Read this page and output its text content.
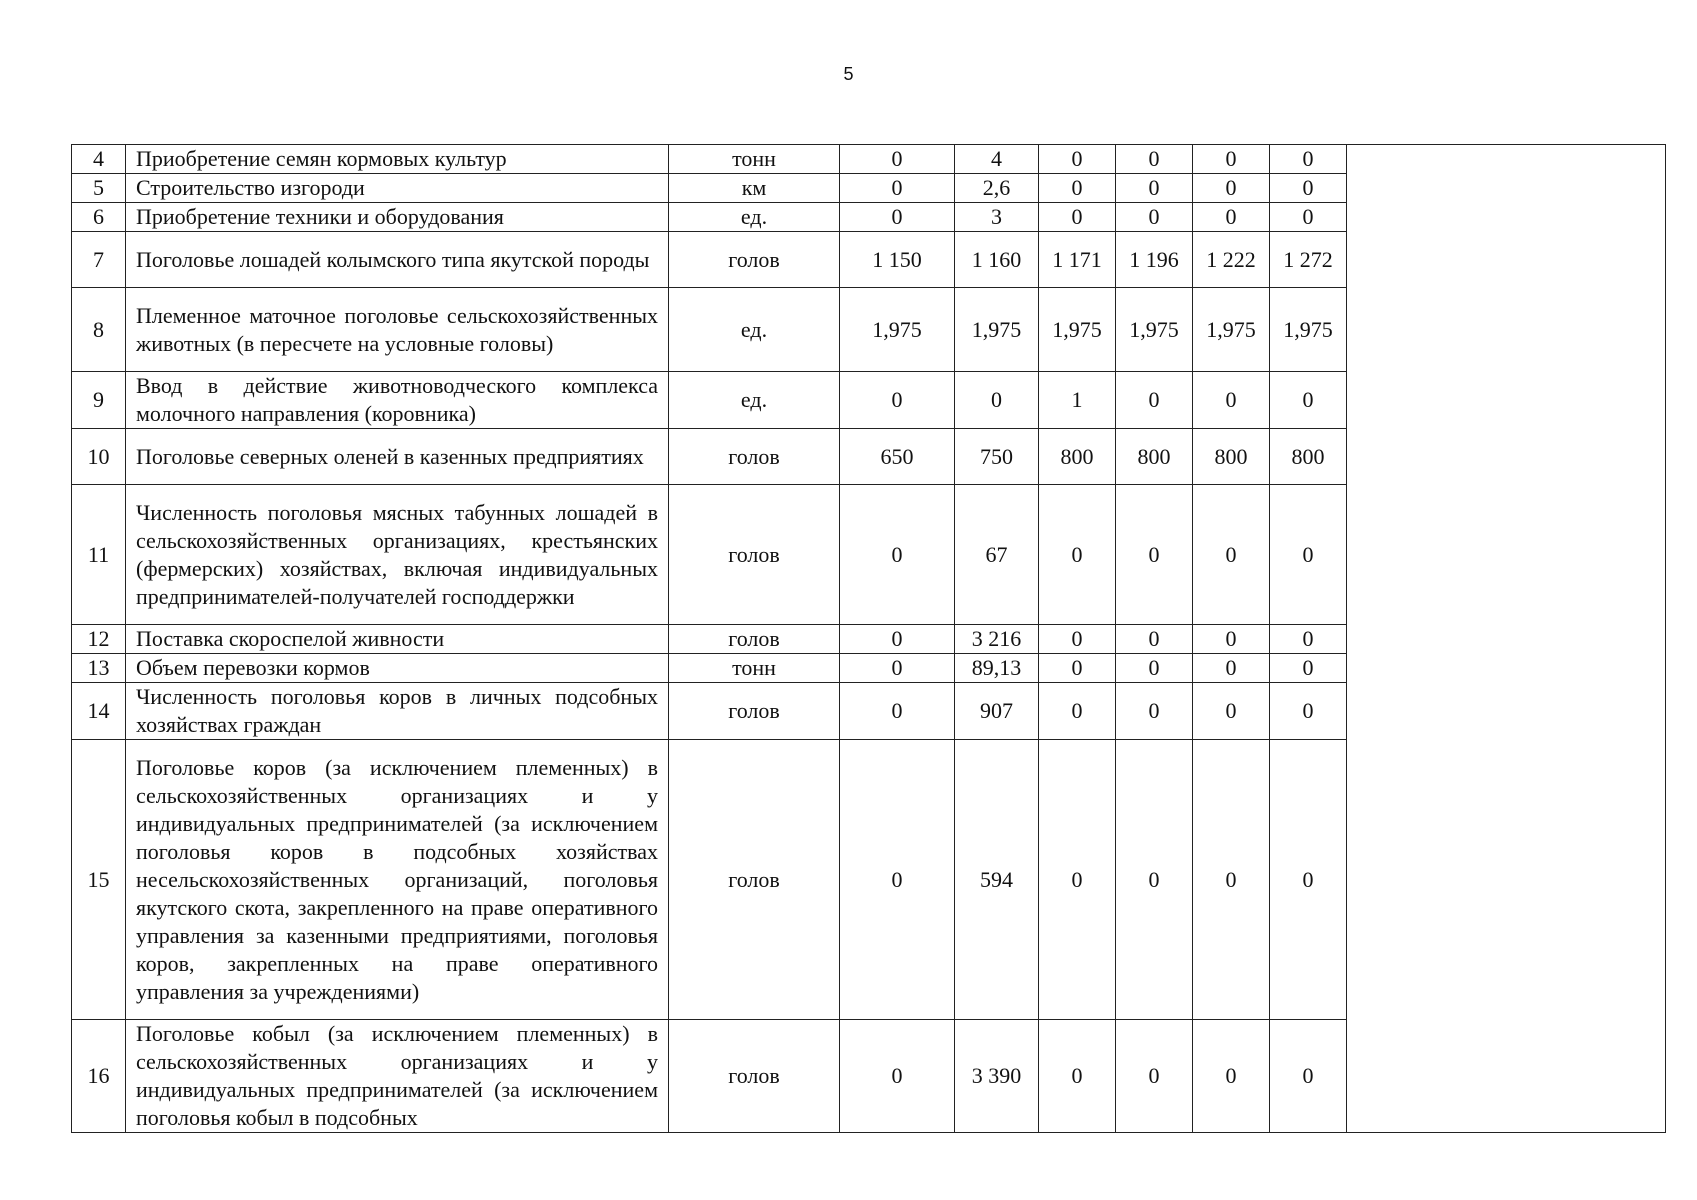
5
4	Приобретение семян кормовых культур	тонн	0	4	0	0	0	0	
5	Строительство изгороди	км	0	2,6	0	0	0	0	
6	Приобретение техники и оборудования	ед.	0	3	0	0	0	0	
7	Поголовье лошадей колымского типа якутской породы	голов	1 150	1 160	1 171	1 196	1 222	1 272	
8	Племенное маточное поголовье сельскохозяйственных животных (в пересчете на условные головы)	ед.	1,975	1,975	1,975	1,975	1,975	1,975	
9	Ввод в действие животноводческого комплекса молочного направления (коровника)	ед.	0	0	1	0	0	0	
10	Поголовье северных оленей в казенных предприятиях	голов	650	750	800	800	800	800	
11	Численность поголовья мясных табунных лошадей в сельскохозяйственных организациях, крестьянских (фермерских) хозяйствах, включая индивидуальных предпринимателей-получателей господдержки	голов	0	67	0	0	0	0	
12	Поставка скороспелой живности	голов	0	3 216	0	0	0	0	
13	Объем перевозки кормов	тонн	0	89,13	0	0	0	0	
14	Численность поголовья коров в личных подсобных хозяйствах граждан	голов	0	907	0	0	0	0	
15	Поголовье коров (за исключением племенных) в сельскохозяйственных организациях и у индивидуальных предпринимателей (за исключением поголовья коров в подсобных хозяйствах несельскохозяйственных организаций, поголовья якутского скота, закрепленного на праве оперативного управления за казенными предприятиями, поголовья коров, закрепленных на праве оперативного управления за учреждениями)	голов	0	594	0	0	0	0	
16	Поголовье кобыл (за исключением племенных) в сельскохозяйственных организациях и у индивидуальных предпринимателей (за исключением поголовья кобыл в подсобных	голов	0	3 390	0	0	0	0	
